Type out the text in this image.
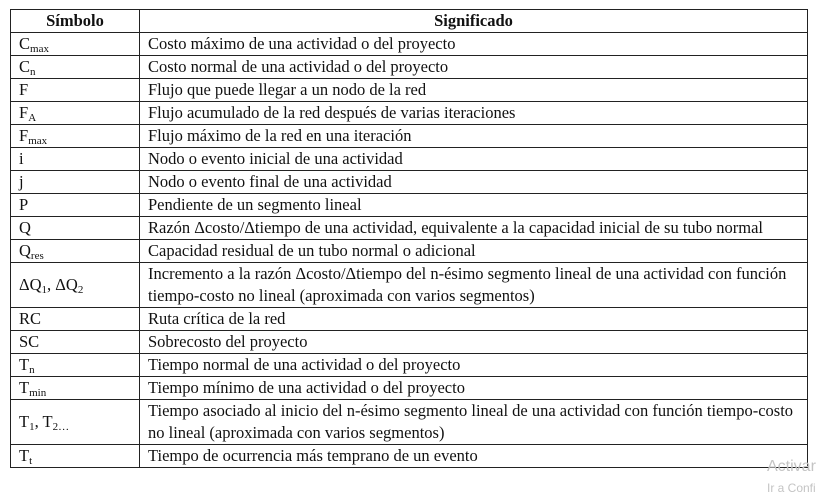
Símbolo	Significado
$C_{max}$	Costo máximo de una actividad o del proyecto
$C_n$	Costo normal de una actividad o del proyecto
F	Flujo que puede llegar a un nodo de la red
$F_A$	Flujo acumulado de la red después de varias iteraciones
$F_{max}$	Flujo máximo de la red en una iteración
i	Nodo o evento inicial de una actividad
j	Nodo o evento final de una actividad
P	Pendiente de un segmento lineal
Q	Razón Δcosto/Δtiempo de una actividad, equivalente a la capacidad inicial de su tubo normal
$Q_{res}$	Capacidad residual de un tubo normal o adicional
$\Delta Q_1$, $\Delta Q_2$	Incremento a la razón Δcosto/Δtiempo del n-ésimo segmento lineal de una actividad con función tiempo-costo no lineal (aproximada con varios segmentos)
RC	Ruta crítica de la red
SC	Sobrecosto del proyecto
$T_n$	Tiempo normal de una actividad o del proyecto
$T_{min}$	Tiempo mínimo de una actividad o del proyecto
$T_1$, $T_{2\dots}$	Tiempo asociado al inicio del n-ésimo segmento lineal de una actividad con función tiempo-costo no lineal (aproximada con varios segmentos)
$T_t$	Tiempo de ocurrencia más temprano de un evento
Activar
Ir a Confi
